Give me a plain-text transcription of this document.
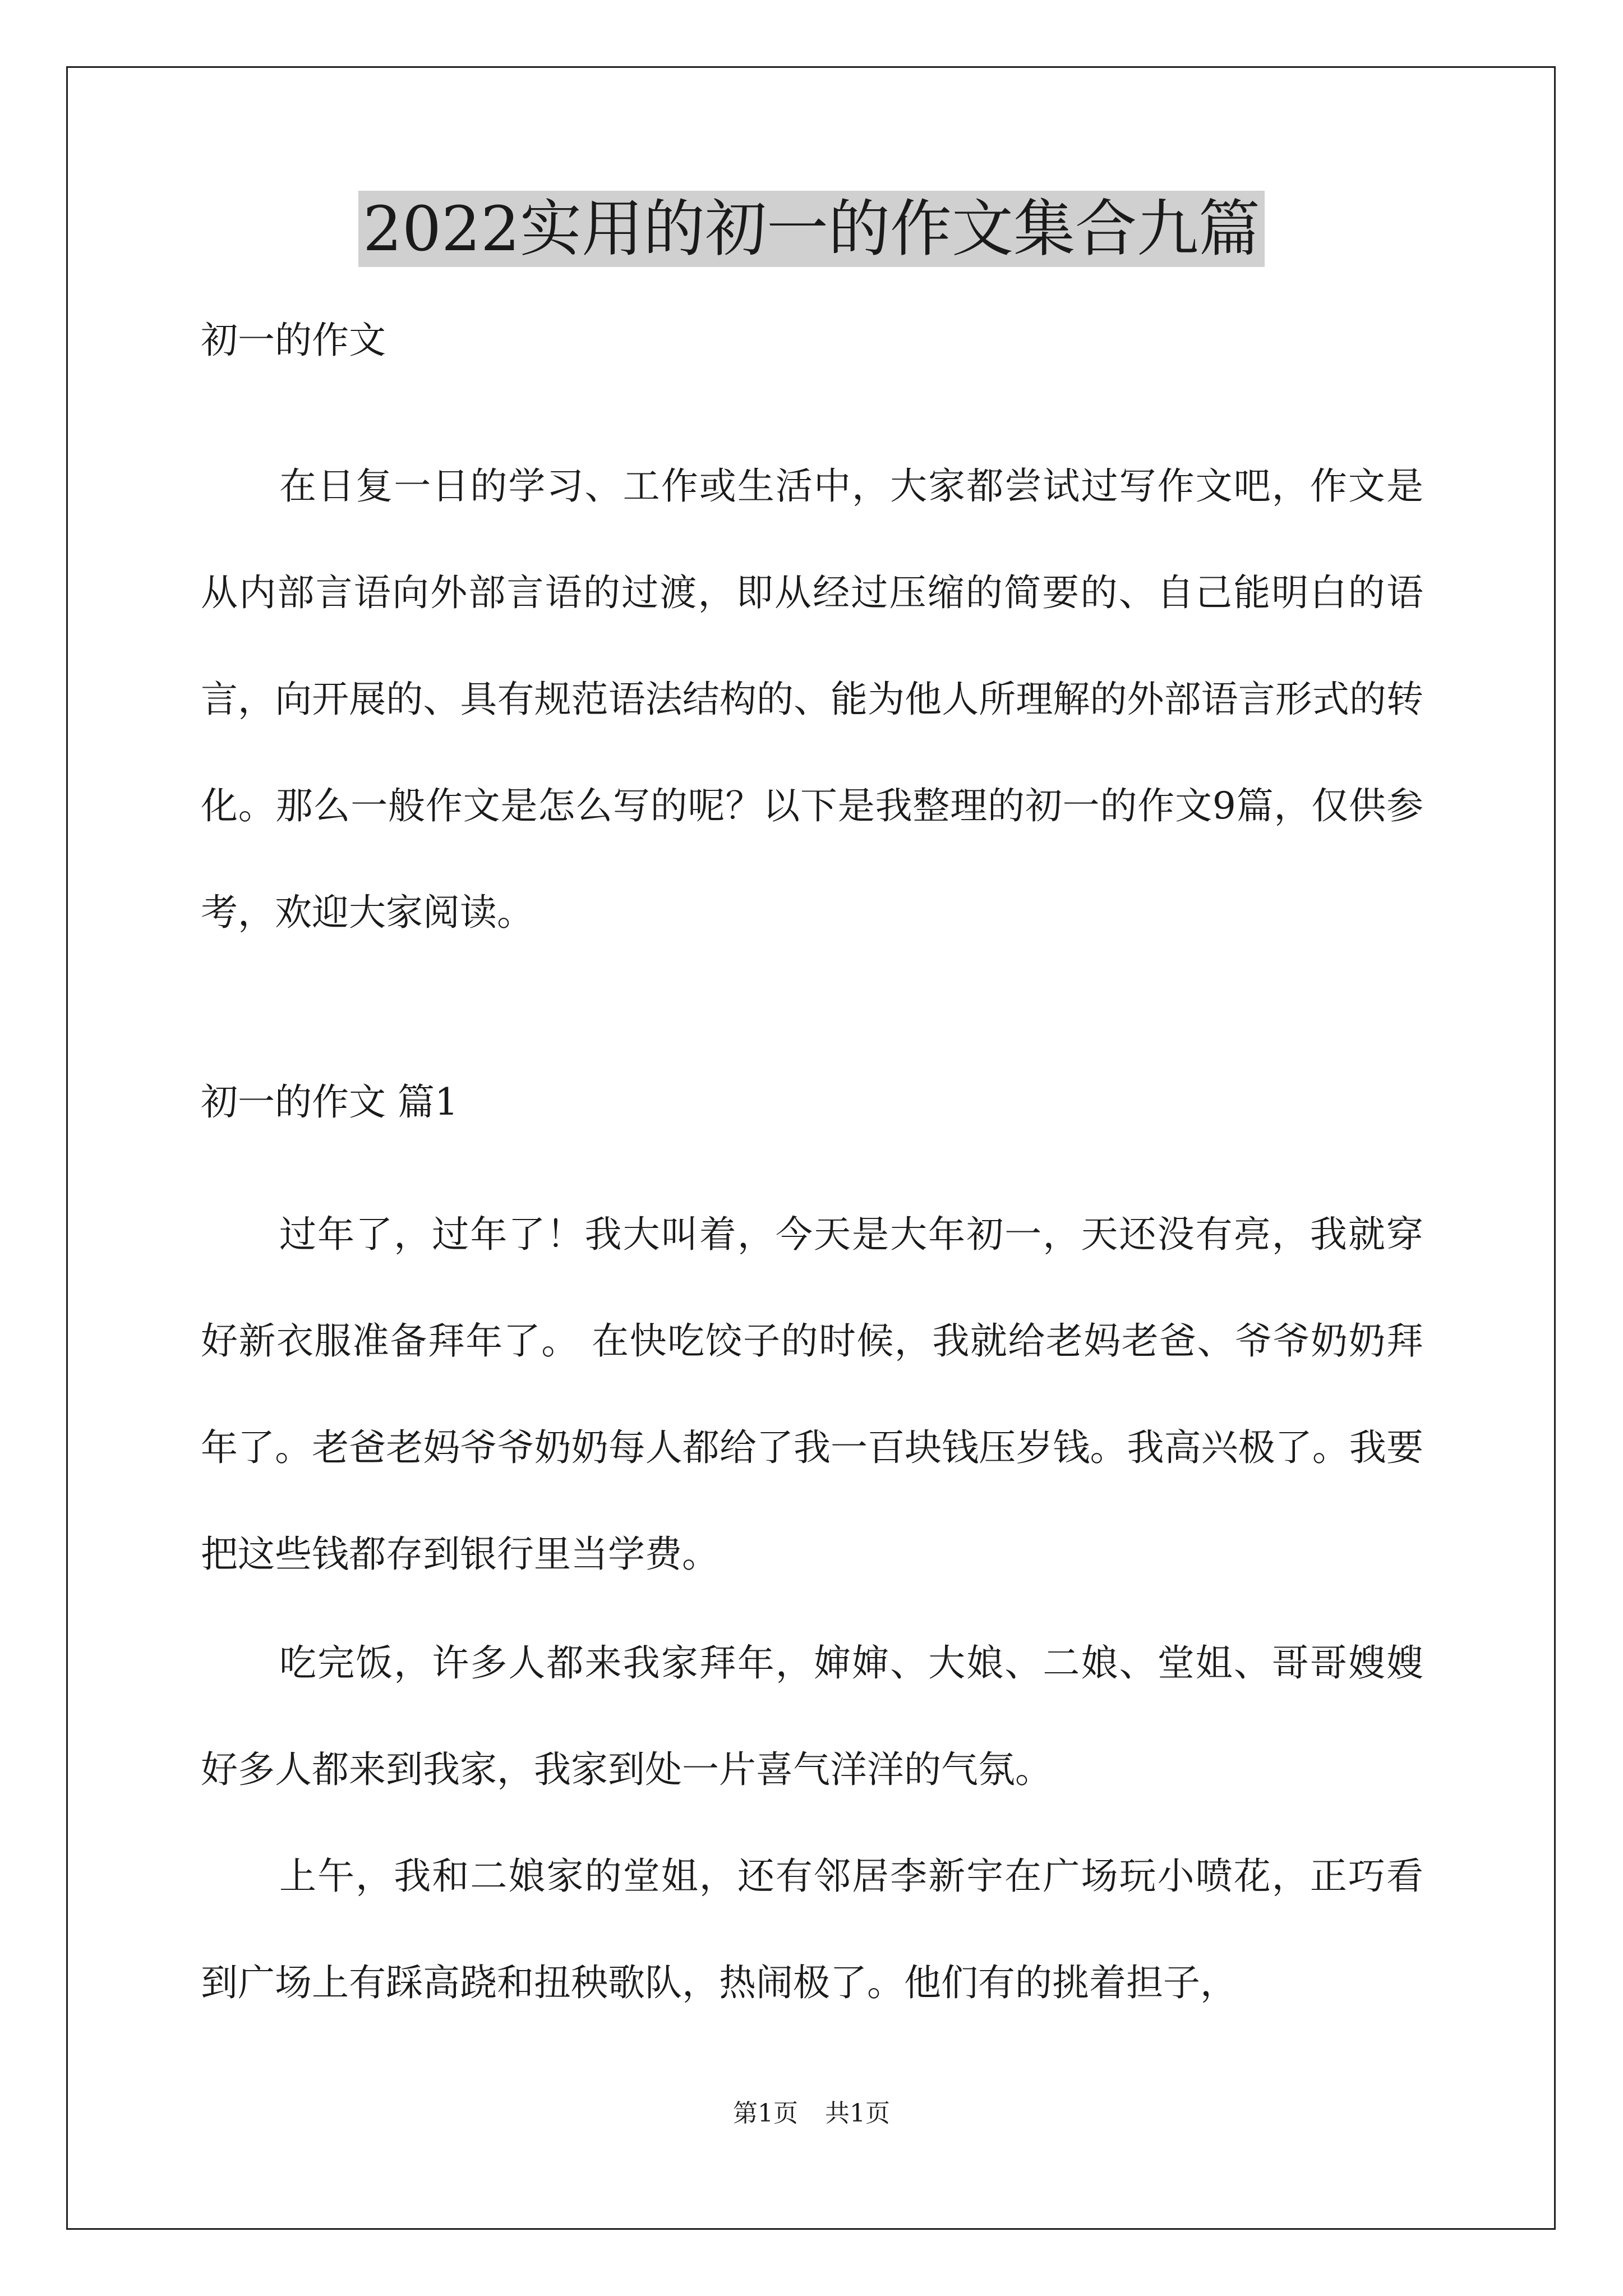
2022实用的初一的作文集合九篇

初一的作文

在日复一日的学习、工作或生活中，大家都尝试过写作文吧，作文是从内部言语向外部言语的过渡，即从经过压缩的简要的、自己能明白的语言，向开展的、具有规范语法结构的、能为他人所理解的外部语言形式的转化。那么一般作文是怎么写的呢？以下是我整理的初一的作文9篇，仅供参考，欢迎大家阅读。

初一的作文 篇1

过年了，过年了！我大叫着，今天是大年初一，天还没有亮，我就穿好新衣服准备拜年了。 在快吃饺子的时候，我就给老妈老爸、爷爷奶奶拜年了。老爸老妈爷爷奶奶每人都给了我一百块钱压岁钱。我高兴极了。我要把这些钱都存到银行里当学费。

吃完饭，许多人都来我家拜年，婶婶、大娘、二娘、堂姐、哥哥嫂嫂好多人都来到我家，我家到处一片喜气洋洋的气氛。

上午，我和二娘家的堂姐，还有邻居李新宇在广场玩小喷花，正巧看到广场上有踩高跷和扭秧歌队，热闹极了。他们有的挑着担子，

第1页 共1页
